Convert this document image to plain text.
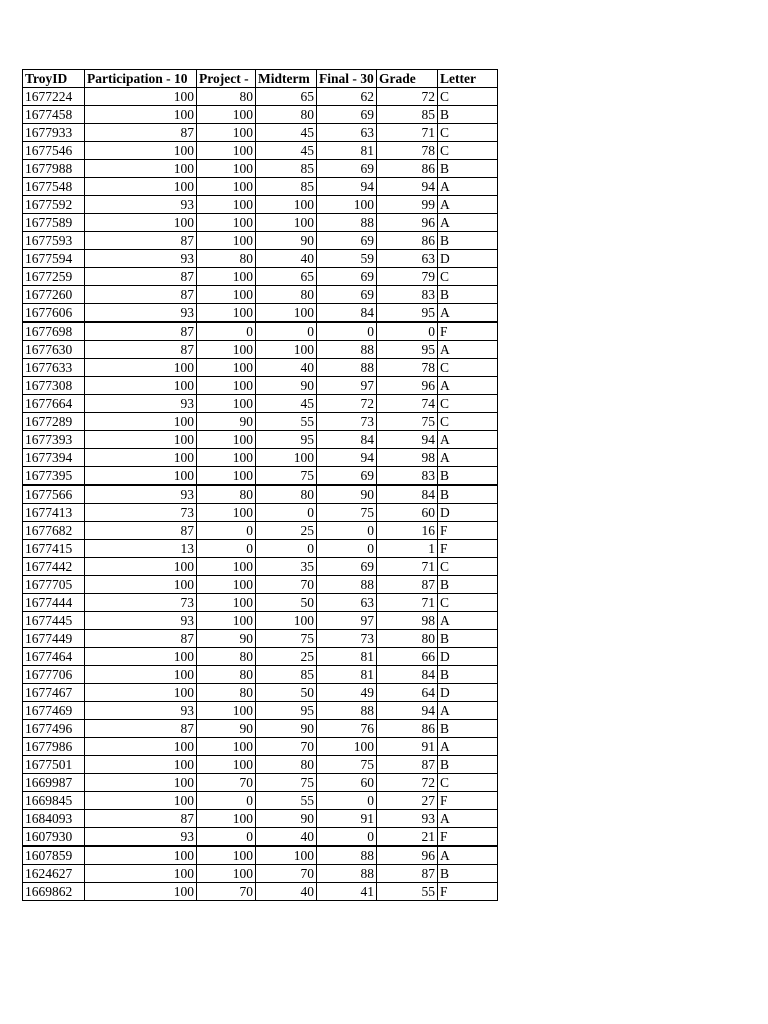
TroyID	Participation - 10	Project -	Midterm	Final - 30	Grade	Letter
1677224	100	80	65	62	72	C
1677458	100	100	80	69	85	B
1677933	87	100	45	63	71	C
1677546	100	100	45	81	78	C
1677988	100	100	85	69	86	B
1677548	100	100	85	94	94	A
1677592	93	100	100	100	99	A
1677589	100	100	100	88	96	A
1677593	87	100	90	69	86	B
1677594	93	80	40	59	63	D
1677259	87	100	65	69	79	C
1677260	87	100	80	69	83	B
1677606	93	100	100	84	95	A
1677698	87	0	0	0	0	F
1677630	87	100	100	88	95	A
1677633	100	100	40	88	78	C
1677308	100	100	90	97	96	A
1677664	93	100	45	72	74	C
1677289	100	90	55	73	75	C
1677393	100	100	95	84	94	A
1677394	100	100	100	94	98	A
1677395	100	100	75	69	83	B
1677566	93	80	80	90	84	B
1677413	73	100	0	75	60	D
1677682	87	0	25	0	16	F
1677415	13	0	0	0	1	F
1677442	100	100	35	69	71	C
1677705	100	100	70	88	87	B
1677444	73	100	50	63	71	C
1677445	93	100	100	97	98	A
1677449	87	90	75	73	80	B
1677464	100	80	25	81	66	D
1677706	100	80	85	81	84	B
1677467	100	80	50	49	64	D
1677469	93	100	95	88	94	A
1677496	87	90	90	76	86	B
1677986	100	100	70	100	91	A
1677501	100	100	80	75	87	B
1669987	100	70	75	60	72	C
1669845	100	0	55	0	27	F
1684093	87	100	90	91	93	A
1607930	93	0	40	0	21	F
1607859	100	100	100	88	96	A
1624627	100	100	70	88	87	B
1669862	100	70	40	41	55	F
